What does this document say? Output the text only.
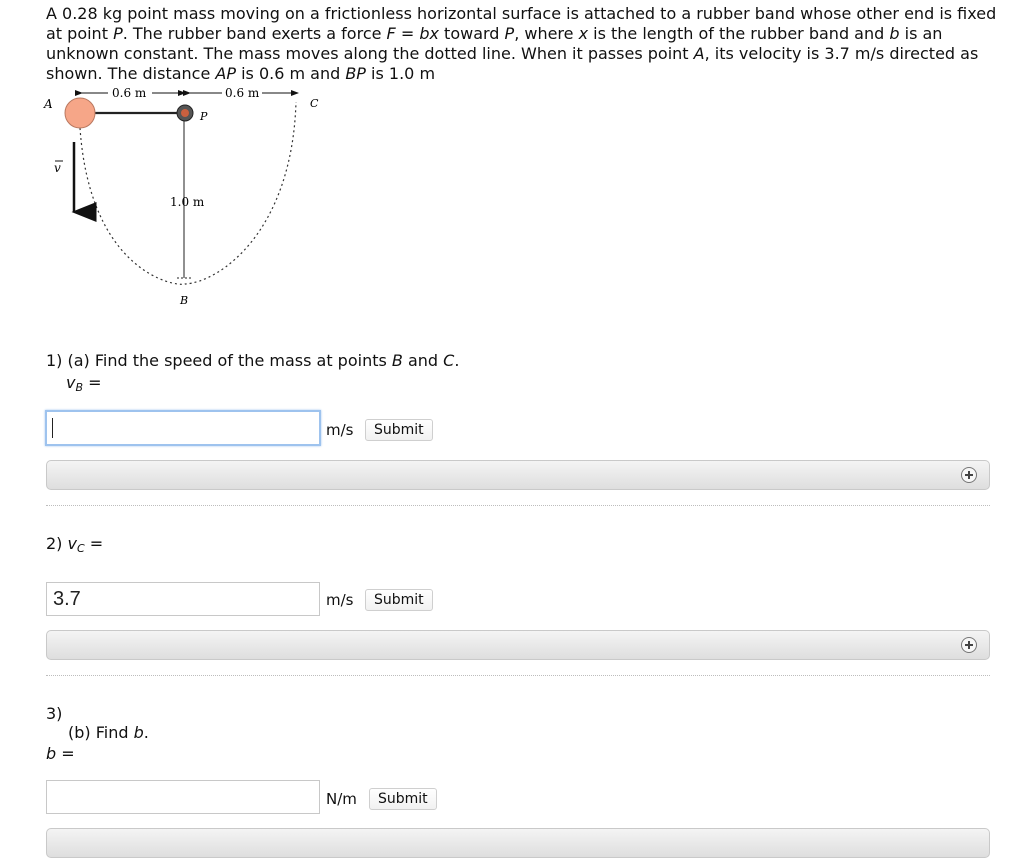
A 0.28 kg point mass moving on a frictionless horizontal surface is attached to a rubber band whose other end is fixed at point P. The rubber band exerts a force F = bx toward P, where x is the length of the rubber band and b is an unknown constant. The mass moves along the dotted line. When it passes point A, its velocity is 3.7 m/s directed as shown. The distance AP is 0.6 m and BP is 1.0 m
0.6 m	0.6 m
1.0 m
v
A
P
C
B
1) (a) Find the speed of the mass at points B and C.
$v_B$ =
m/s	Submit
2) $v_C$ =
3.7
m/s	Submit
3)
(b) Find b.
b =
N/m	Submit
